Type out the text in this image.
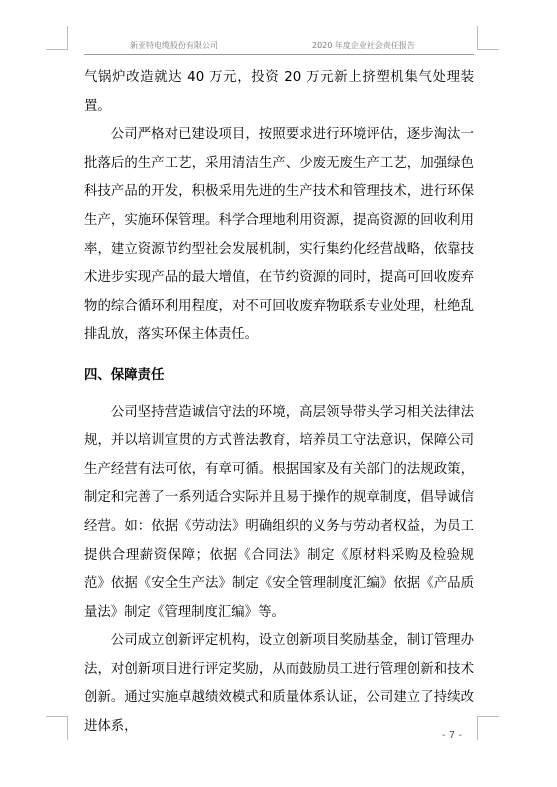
新亚特电缆股份有限公司	2020 年度企业社会责任报告

气锅炉改造就达 40 万元，投资 20 万元新上挤塑机集气处理装置。

公司严格对已建设项目，按照要求进行环境评估，逐步淘汰一批落后的生产工艺，采用清洁生产、少废无废生产工艺，加强绿色科技产品的开发，积极采用先进的生产技术和管理技术，进行环保生产，实施环保管理。科学合理地利用资源，提高资源的回收利用率，建立资源节约型社会发展机制，实行集约化经营战略，依靠技术进步实现产品的最大增值，在节约资源的同时，提高可回收废弃物的综合循环利用程度，对不可回收废弃物联系专业处理，杜绝乱排乱放，落实环保主体责任。

四、保障责任

公司坚持营造诚信守法的环境，高层领导带头学习相关法律法规，并以培训宣贯的方式普法教育，培养员工守法意识，保障公司生产经营有法可依，有章可循。根据国家及有关部门的法规政策，制定和完善了一系列适合实际并且易于操作的规章制度，倡导诚信经营。如：依据《劳动法》明确组织的义务与劳动者权益，为员工提供合理薪资保障；依据《合同法》制定《原材料采购及检验规范》依据《安全生产法》制定《安全管理制度汇编》依据《产品质量法》制定《管理制度汇编》等。

公司成立创新评定机构，设立创新项目奖励基金，制订管理办法，对创新项目进行评定奖励，从而鼓励员工进行管理创新和技术创新。通过实施卓越绩效模式和质量体系认证，公司建立了持续改进体系，

- 7 -
